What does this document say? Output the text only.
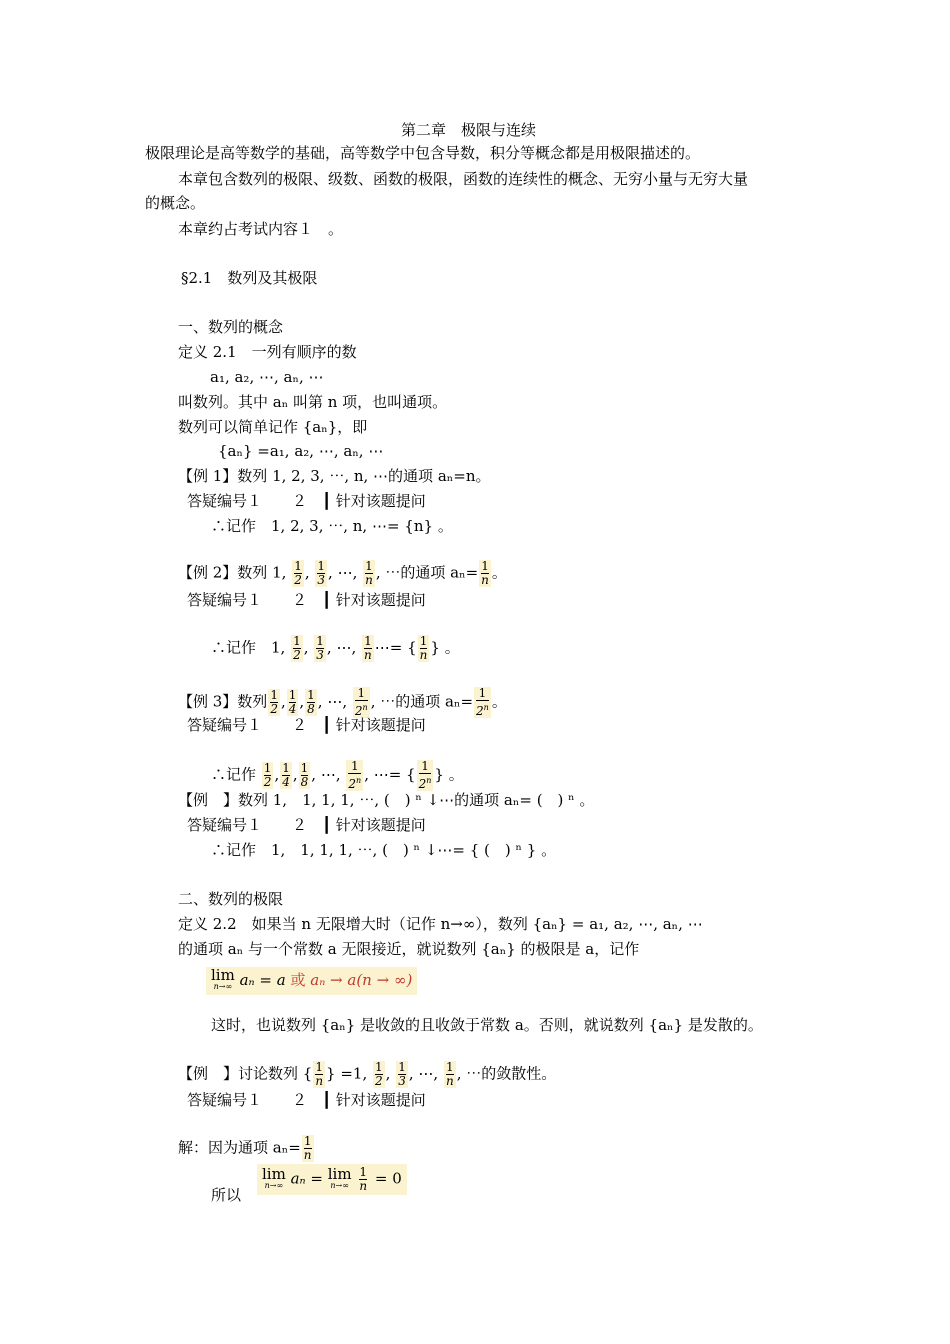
第二章　极限与连续
极限理论是高等数学的基础，高等数学中包含导数，积分等概念都是用极限描述的。
本章包含数列的极限、级数、函数的极限，函数的连续性的概念、无穷小量与无穷大量
的概念。
本章约占考试内容１　。
§2.1　数列及其极限
一、数列的概念
定义 2.1　一列有顺序的数
a₁, a₂, ⋯, aₙ, ⋯
叫数列。其中 aₙ 叫第 n 项，也叫通项。
数列可以简单记作 {aₙ}，即
{aₙ} =a₁, a₂, ⋯, aₙ, ⋯
【例 1】数列 1, 2, 3, ⋯, n, ⋯的通项 aₙ=n。
答疑编号１　　２　┃ 针对该题提问
∴记作　1, 2, 3, ⋯, n, ⋯= {n} 。
【例 2】数列 1, $\frac{1}{2}$ , $\frac{1}{3}$ , ⋯, $\frac{1}{n}$ , ⋯的通项 $a_n= \frac{1}{n}$ 。
答疑编号１　　２　┃ 针对该题提问
∴记作　1, $\frac{1}{2}$ , $\frac{1}{3}$ , ⋯, $\frac{1}{n}$ ⋯= { $\frac{1}{n}$ } 。
【例 3】数列 $\frac{1}{2}$ , $\frac{1}{4}$ , $\frac{1}{8}$ , ⋯, $\frac{1}{2^n}$ , ⋯的通项 $a_n= \frac{1}{2^n}$ 。
答疑编号１　　２　┃ 针对该题提问
∴记作 $\frac{1}{2}$ , $\frac{1}{4}$ , $\frac{1}{8}$ , ⋯, $\frac{1}{2^n}$ , ⋯= { $\frac{1}{2^n}$ } 。
【例　】数列 1,　1, 1, 1, ⋯, (　) ⁿ ↓⋯的通项 aₙ= (　) ⁿ 。
答疑编号１　　２　┃ 针对该题提问
∴记作　1,　1, 1, 1, ⋯, (　) ⁿ ↓⋯= { (　) ⁿ } 。
二、数列的极限
定义 2.2　如果当 n 无限增大时（记作 n→∞），数列 {aₙ} = a₁, a₂, ⋯, aₙ, ⋯
的通项 aₙ 与一个常数 a 无限接近，就说数列 {aₙ} 的极限是 a，记作
lim
n→∞ aₙ = a 或 aₙ → a(n → ∞)
这时，也说数列 {aₙ} 是收敛的且收敛于常数 a。否则，就说数列 {aₙ} 是发散的。
【例　】讨论数列 { $\frac{1}{n}$ } =1, $\frac{1}{2}$ , $\frac{1}{3}$ , ⋯, $\frac{1}{n}$ , ⋯的敛散性。
答疑编号１　　２　┃ 针对该题提问
解：因为通项 $a_n= \frac{1}{n}$
所以
lim
n→∞ aₙ = lim
n→∞
$\frac{1}{n} = 0$
